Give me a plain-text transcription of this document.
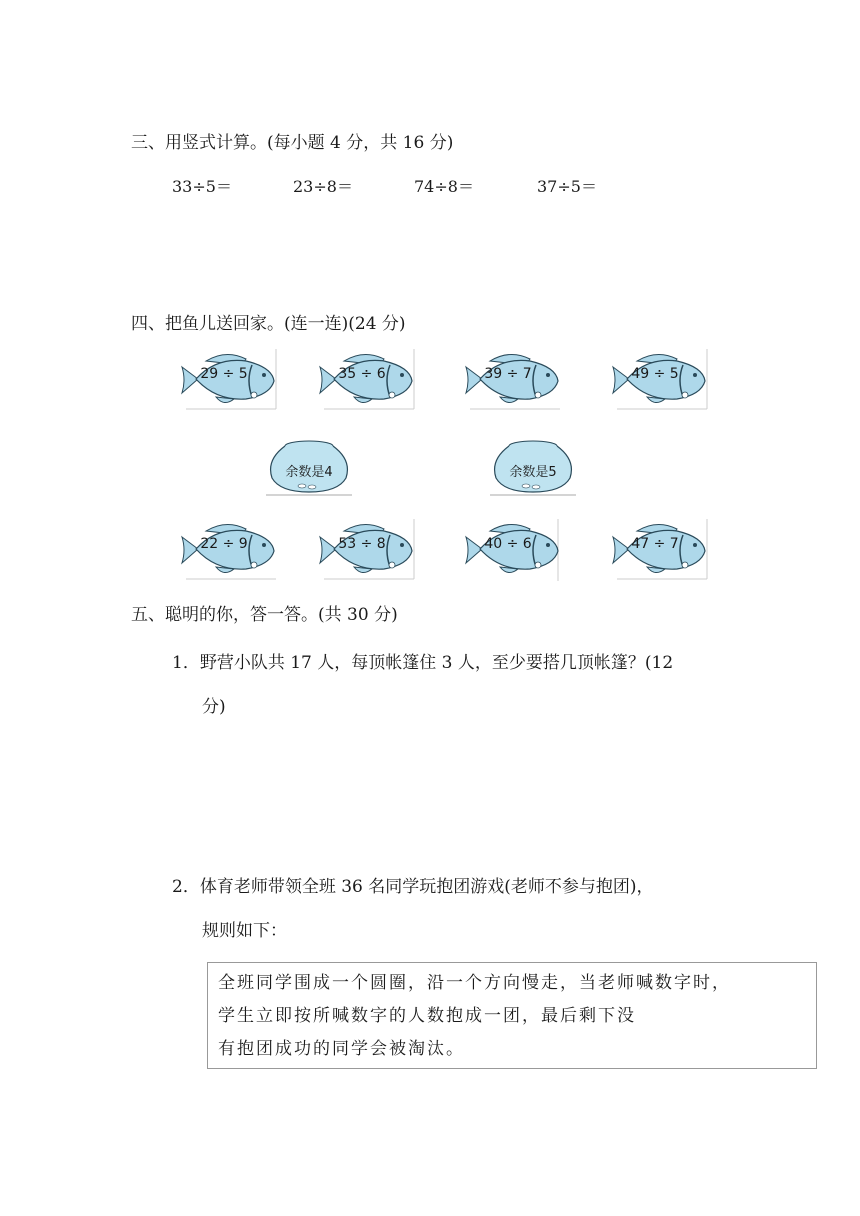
三、用竖式计算。(每小题 4 分，共 16 分)
33÷5＝	23÷8＝	74÷8＝	37÷5＝
四、把鱼儿送回家。(连一连)(24 分)
29 ÷ 5	35 ÷ 6	39 ÷ 7	49 ÷ 5
余数是4	余数是5
22 ÷ 9	53 ÷ 8	40 ÷ 6	47 ÷ 7
五、聪明的你，答一答。(共 30 分)
1．野营小队共 17 人，每顶帐篷住 3 人，至少要搭几顶帐篷？(12
分)
2．体育老师带领全班 36 名同学玩抱团游戏(老师不参与抱团)，
规则如下：
全班同学围成一个圆圈，沿一个方向慢走，当老师喊数字时，
学生立即按所喊数字的人数抱成一团，最后剩下没
有抱团成功的同学会被淘汰。
